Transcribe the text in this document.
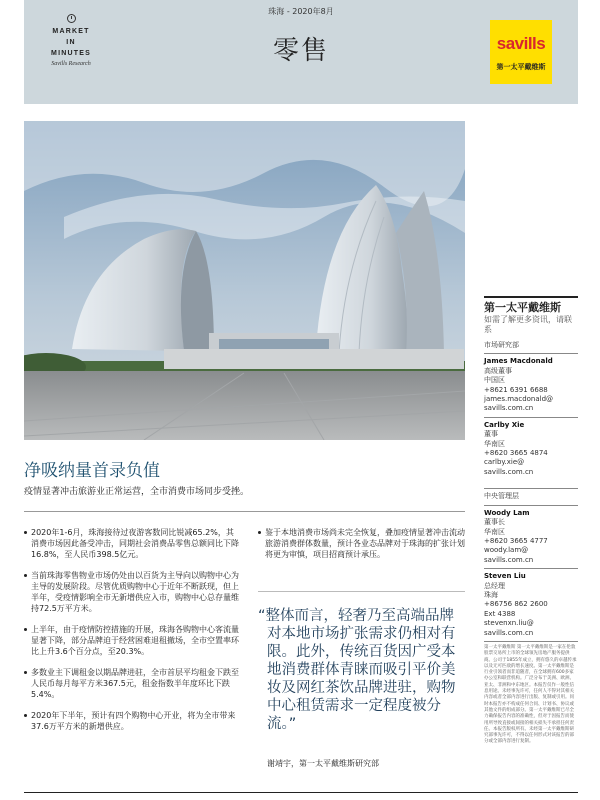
MARKET
IN
MINUTES
Savills Research
珠海 - 2020年8月
零售	savills
第一太平戴维斯
净吸纳量首录负值
疫情显著冲击旅游业正常运营，全市消费市场同步受挫。
2020年1-6月，珠海接待过夜游客数同比锐减65.2%，其消费市场因此备受冲击，同期社会消费品零售总额同比下降16.8%，至人民币398.5亿元。
当前珠海零售物业市场仍处由以百货为主导向以购物中心为主导的发展阶段。尽管优质购物中心于近年不断跃现，但上半年，受疫情影响全市无新增供应入市，购物中心总存量维持72.5万平方米。
上半年，由于疫情防控措施的开展，珠海各购物中心客流量显著下降，部分品牌迫于经营困难退租撤场，全市空置率环比上升3.6个百分点，至20.3%。
多数业主下调租金以期品牌进驻，全市首层平均租金下跌至人民币每月每平方米367.5元，租金指数半年度环比下跌 5.4%。
2020年下半年，预计有四个购物中心开业，将为全市带来37.6万平方米的新增供应。
鉴于本地消费市场尚未完全恢复，叠加疫情显著冲击流动旅游消费群体数量，预计各业态品牌对于珠海的扩张计划将更为审慎，项目招商预计承压。
“整体而言，轻奢乃至高端品牌对本地市场扩张需求仍相对有限。此外，传统百货因广受本地消费群体青睐而吸引平价美妆及网红茶饮品牌进驻，购物中心租赁需求一定程度被分流。”
谢靖宇，第一太平戴维斯研究部
第一太平戴维斯
如需了解更多资讯，请联系
市场研究部
James Macdonald
高级董事
中国区
+8621 6391 6688
james.macdonald@
savills.com.cn
Carlby Xie
董事
华南区
+8620 3665 4874
carlby.xie@
savills.com.cn
中央管理层
Woody Lam
董事长
华南区
+8620 3665 4777
woody.lam@
savills.com.cn
Steven Liu
总经理
珠海
+86756 862 2600
Ext 4388
stevenxn.liu@
savills.com.cn
第一太平戴维斯 第一太平戴维斯是一家在伦敦股票交易所上市的全球领先房地产服务提供商。公司于1855年成立，拥有悠久的卓越传承以及无可匹敌的增长速度。第一太平戴维斯是行业引领者而非追随者，在全球拥有600多家办公室和联营机构。广泛分布于美洲、欧洲、亚太、非洲和中东地区。本报告仅作一般性信息用途。未经事先许可，任何人不得对其相关内容或者全部内容进行出版、复制或引用。同时本报告亦不构成任何合同、计划书、协议或其他文件的组成部分。第一太平戴维斯已尽全力确保报告内容的准确性，但对于因报告而使用所导致直接或间接的相关损失不承担任何责任。本报告版权所有。未经第一太平戴维斯研究部事先许可，不得以任何形式对该报告的部分或全部内容进行复制。
